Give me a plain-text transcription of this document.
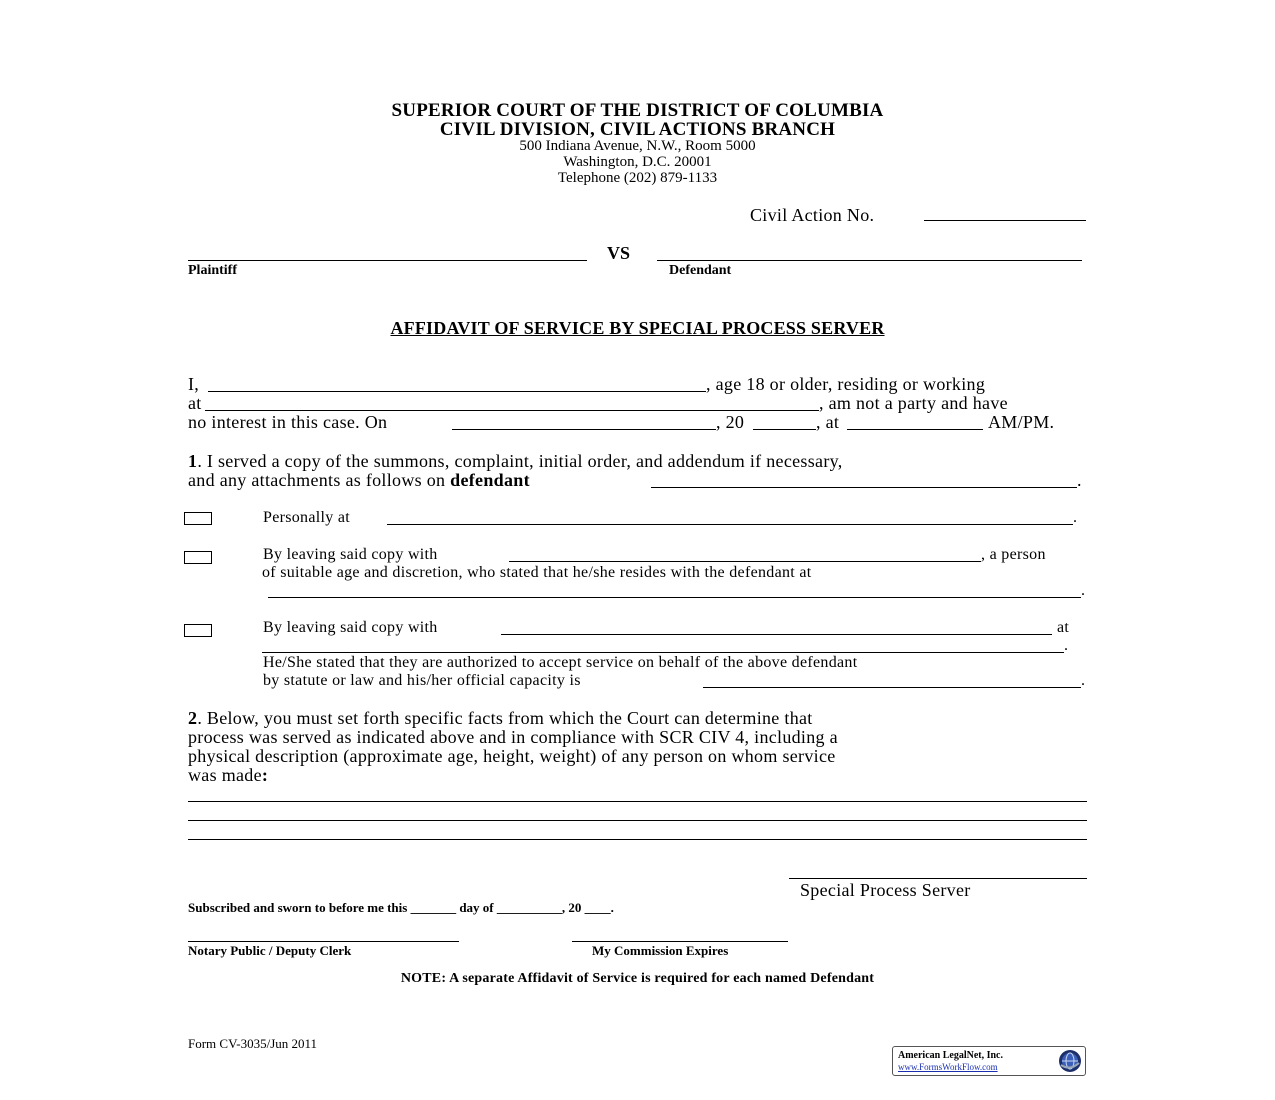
SUPERIOR COURT OF THE DISTRICT OF COLUMBIA
CIVIL DIVISION, CIVIL ACTIONS BRANCH
500 Indiana Avenue, N.W., Room 5000
Washington, D.C. 20001
Telephone (202) 879-1133
Civil Action No.
VS
Plaintiff	Defendant
AFFIDAVIT OF SERVICE BY SPECIAL PROCESS SERVER
I,	, age 18 or older, residing or working
at	, am not a party and have
no interest in this case. On	, 20	, at	AM/PM.
1. I served a copy of the summons, complaint, initial order, and addendum if necessary,
and any attachments as follows on defendant	.
Personally at	.
By leaving said copy with	, a person
of suitable age and discretion, who stated that he/she resides with the defendant at
.
By leaving said copy with	at
.
He/She stated that they are authorized to accept service on behalf of the above defendant
by statute or law and his/her official capacity is	.
2. Below, you must set forth specific facts from which the Court can determine that
process was served as indicated above and in compliance with SCR CIV 4, including a
physical description (approximate age, height, weight) of any person on whom service
was made:
Special Process Server
Subscribed and sworn to before me this _______ day of __________, 20 ____.
Notary Public / Deputy Clerk	My Commission Expires
NOTE: A separate Affidavit of Service is required for each named Defendant
Form CV-3035/Jun 2011
American LegalNet, Inc.
www.FormsWorkFlow.com
